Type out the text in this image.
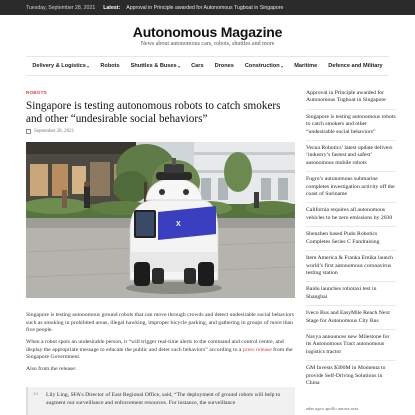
Tuesday, September 28, 2021 Latest: Approval in Principle awarded for Autonomous Tugboat in Singapore
Autonomous Magazine
News about autonomous cars, robots, shuttles and more
Delivery & Logistics	Robots Shuttles & Buses	Cars Drones Construction	Maritime Defence and Military
ROBOTS
Singapore is testing autonomous robots to catch smokers and other “undesirable social behaviors”
September 28, 2021
X

Singapore is testing autonomous ground robots that can move through crowds and detect undesirable social behaviors such as smoking in prohibited areas, illegal hawking, improper bicycle parking, and gathering in groups of more than five people.

When a robot spots an undesirable person, it “will trigger real-time alerts to the command and control centre, and display the appropriate message to educate the public and deter such behaviors” according to a press release from the Singapore Government.

Also from the release:

“ Lily Ling, SFA’s Director of East Regional Office, said, “The deployment of ground robots will help to augment our surveillance and enforcement resources. For instance, the surveillance
Approval in Principle awarded for Autonomous Tugboat in Singapore
Singapore is testing autonomous robots to catch smokers and other “undesirable social behaviors”
Vecna Robotics’ latest update delivers ‘industry’s fastest and safest’ autonomous mobile robots
Fugro’s autonomous submarine completes investigation activity off the coast of Suriname
California requires all autonomous vehicles to be zero emissions by 2030
Shenzhen based Pudu Robotics Completes Series C Fundraising
Item America & Franka Emika launch world’s first autonomous coronavirus testing station
Baidu launches robotaxi test in Shanghai
Iveco Bus and EasyMile Reach Next Stage for Autonomous City Bus
Navya announces new Milestone for its Autonomous Tract autonomous logistics tractor
GM Invests $300M in Momenta to provide Self-Driving Solutions in China
adas agco apollo aurora avta
